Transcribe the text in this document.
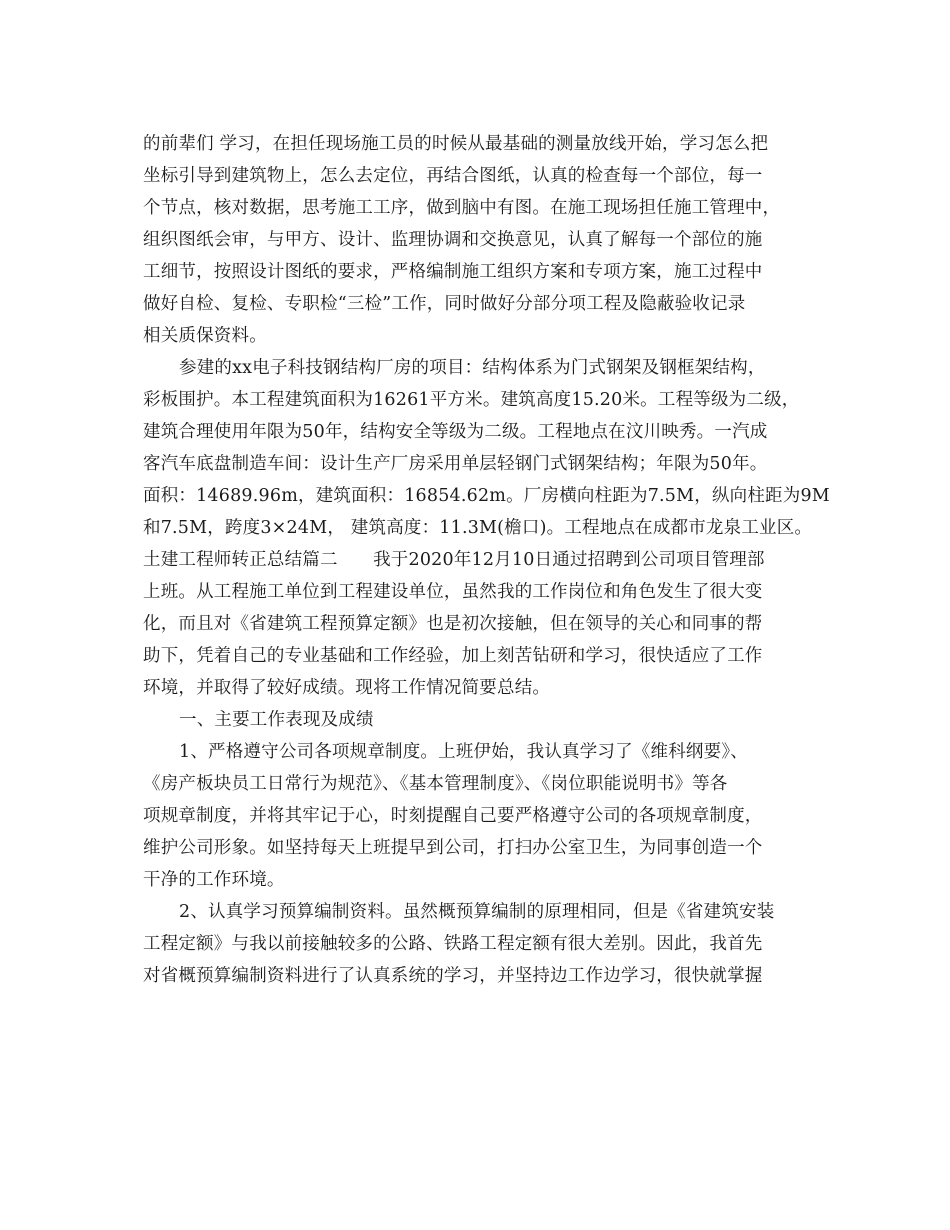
的前辈们 学习，在担任现场施工员的时候从最基础的测量放线开始，学习怎么把
坐标引导到建筑物上，怎么去定位，再结合图纸，认真的检查每一个部位，每一
个节点，核对数据，思考施工工序，做到脑中有图。在施工现场担任施工管理中，
组织图纸会审，与甲方、设计、监理协调和交换意见，认真了解每一个部位的施
工细节，按照设计图纸的要求，严格编制施工组织方案和专项方案，施工过程中
做好自检、复检、专职检“三检”工作，同时做好分部分项工程及隐蔽验收记录
相关质保资料。
参建的xx电子科技钢结构厂房的项目：结构体系为门式钢架及钢框架结构，
彩板围护。本工程建筑面积为16261平方米。建筑高度15.20米。工程等级为二级，
建筑合理使用年限为50年，结构安全等级为二级。工程地点在汶川映秀。一汽成
客汽车底盘制造车间：设计生产厂房采用单层轻钢门式钢架结构；年限为50年。
面积：14689.96m，建筑面积：16854.62m。厂房横向柱距为7.5M，纵向柱距为9M
和7.5M，跨度3×24M， 建筑高度：11.3M(檐口)。工程地点在成都市龙泉工业区。
土建工程师转正总结篇二　　我于2020年12月10日通过招聘到公司项目管理部
上班。从工程施工单位到工程建设单位，虽然我的工作岗位和角色发生了很大变
化，而且对《省建筑工程预算定额》也是初次接触，但在领导的关心和同事的帮
助下，凭着自己的专业基础和工作经验，加上刻苦钻研和学习，很快适应了工作
环境，并取得了较好成绩。现将工作情况简要总结。
一、主要工作表现及成绩
1、严格遵守公司各项规章制度。上班伊始，我认真学习了《维科纲要》、
《房产板块员工日常行为规范》、《基本管理制度》、《岗位职能说明书》等各
项规章制度，并将其牢记于心，时刻提醒自己要严格遵守公司的各项规章制度，
维护公司形象。如坚持每天上班提早到公司，打扫办公室卫生，为同事创造一个
干净的工作环境。
2、认真学习预算编制资料。虽然概预算编制的原理相同，但是《省建筑安装
工程定额》与我以前接触较多的公路、铁路工程定额有很大差别。因此，我首先
对省概预算编制资料进行了认真系统的学习，并坚持边工作边学习，很快就掌握
